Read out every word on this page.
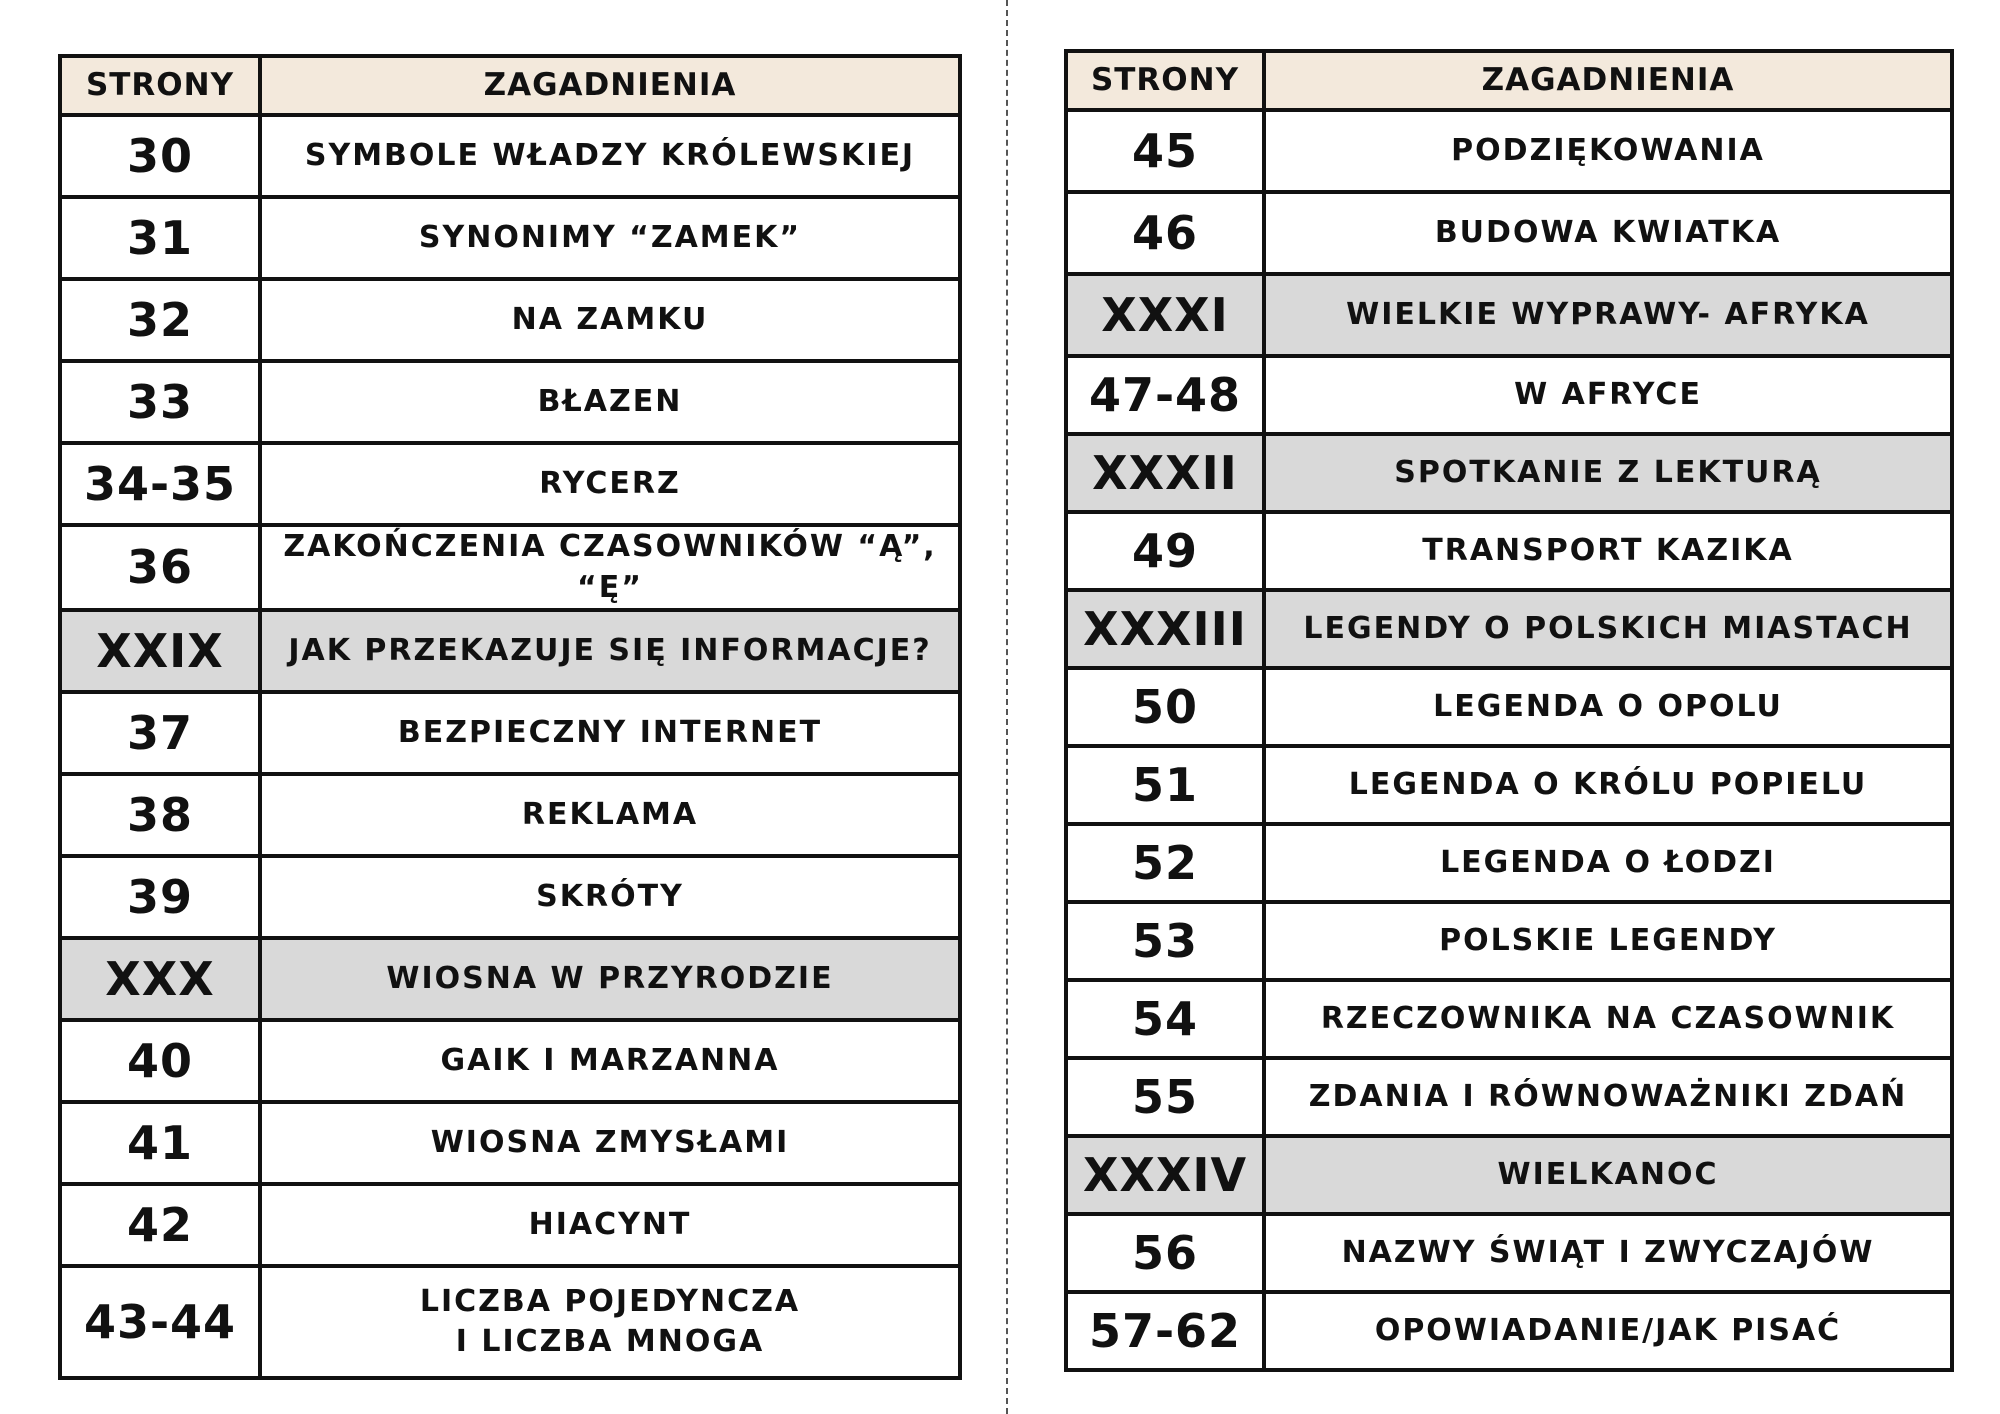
STRONY	ZAGADNIENIA
30	SYMBOLE WŁADZY KRÓLEWSKIEJ
31	SYNONIMY “ZAMEK”
32	NA ZAMKU
33	BŁAZEN
34-35	RYCERZ
36	ZAKOŃCZENIA CZASOWNIKÓW “Ą”, “Ę”
XXIX	JAK PRZEKAZUJE SIĘ INFORMACJE?
37	BEZPIECZNY INTERNET
38	REKLAMA
39	SKRÓTY
XXX	WIOSNA W PRZYRODZIE
40	GAIK I MARZANNA
41	WIOSNA ZMYSŁAMI
42	HIACYNT
43-44	LICZBA POJEDYNCZA
I LICZBA MNOGA
STRONY	ZAGADNIENIA
45	PODZIĘKOWANIA
46	BUDOWA KWIATKA
XXXI	WIELKIE WYPRAWY- AFRYKA
47-48	W AFRYCE
XXXII	SPOTKANIE Z LEKTURĄ
49	TRANSPORT KAZIKA
XXXIII	LEGENDY O POLSKICH MIASTACH
50	LEGENDA O OPOLU
51	LEGENDA O KRÓLU POPIELU
52	LEGENDA O ŁODZI
53	POLSKIE LEGENDY
54	RZECZOWNIKA NA CZASOWNIK
55	ZDANIA I RÓWNOWAŻNIKI ZDAŃ
XXXIV	WIELKANOC
56	NAZWY ŚWIĄT I ZWYCZAJÓW
57-62	OPOWIADANIE/JAK PISAĆ
